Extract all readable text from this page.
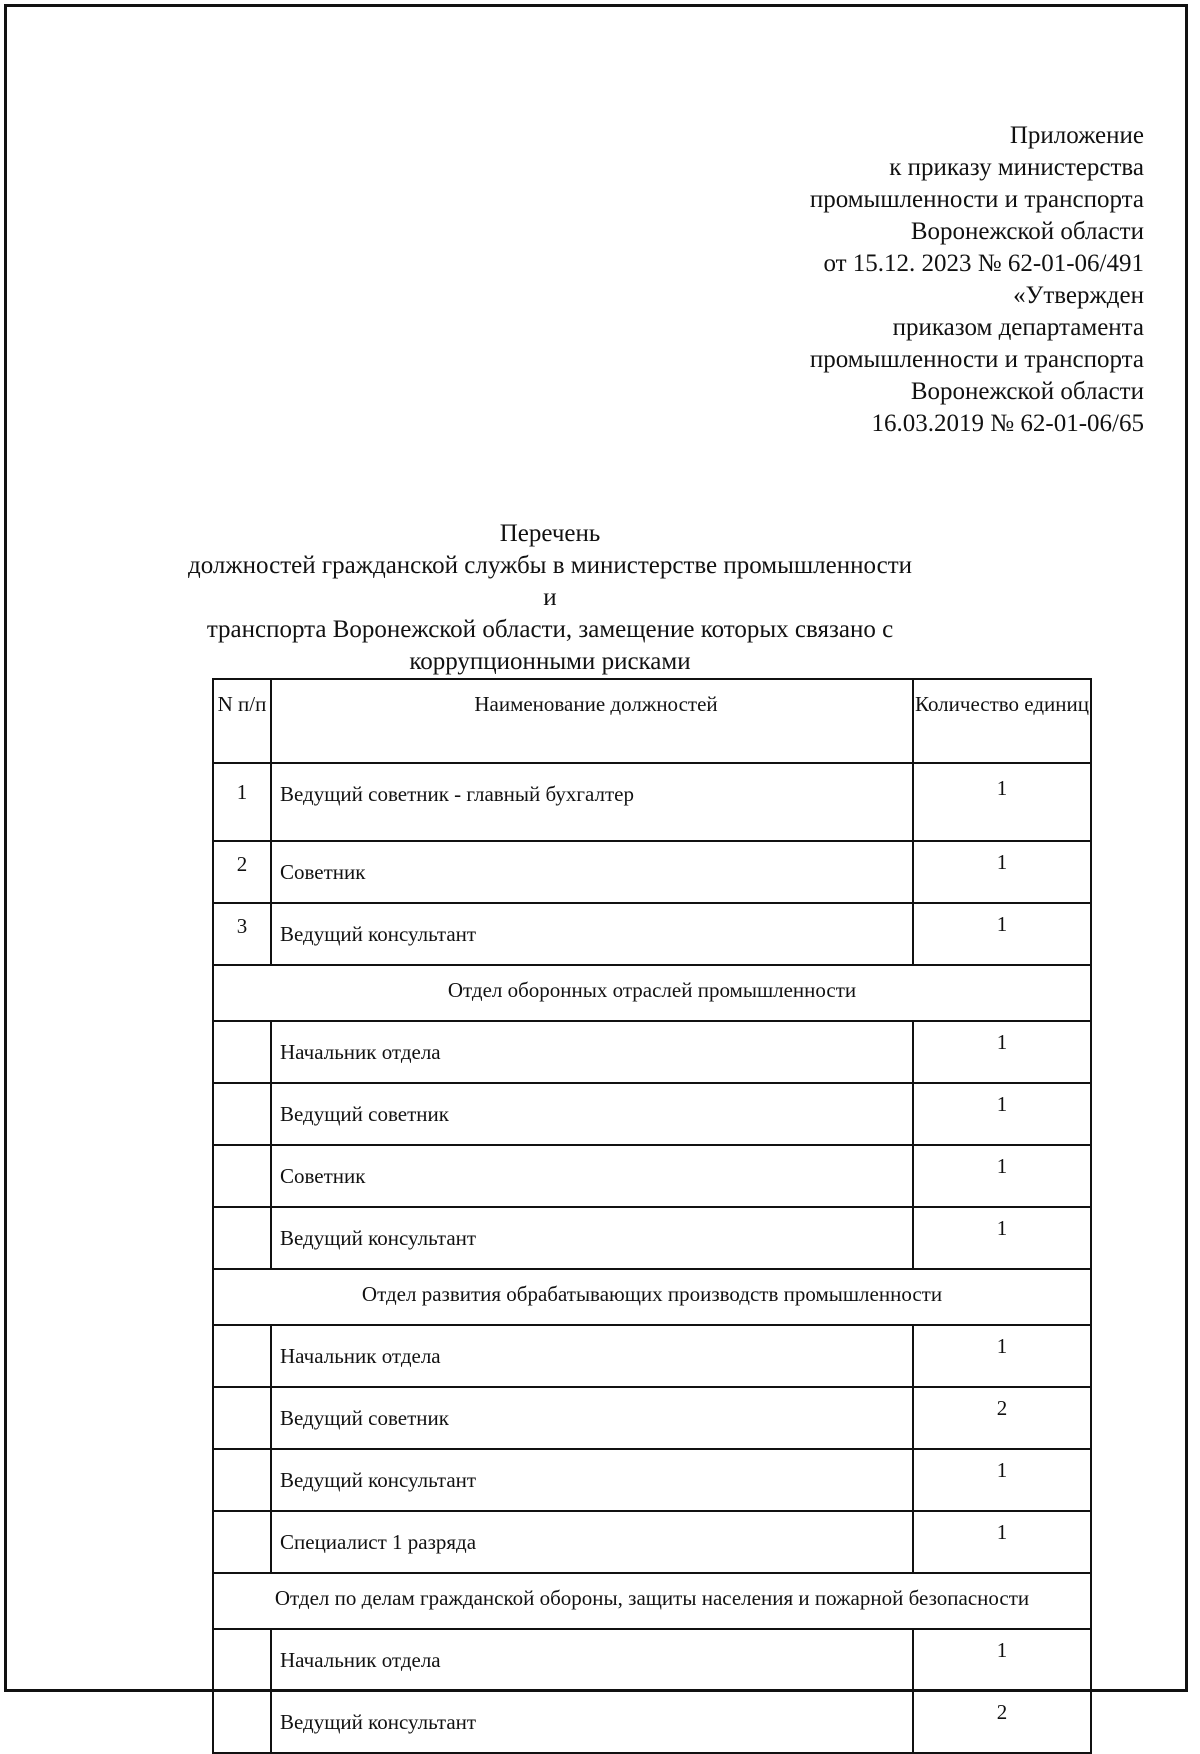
Приложение
к приказу министерства
промышленности и транспорта
Воронежской области
от 15.12. 2023 № 62-01-06/491
«Утвержден
приказом департамента
промышленности и транспорта
Воронежской области
16.03.2019 № 62-01-06/65
Перечень
должностей гражданской службы в министерстве промышленности и
транспорта Воронежской области, замещение которых связано с
коррупционными рисками
N п/п	Наименование должностей	Количество единиц
1	Ведущий советник - главный бухгалтер	1
2	Советник	1
3	Ведущий консультант	1
Отдел оборонных отраслей промышленности		
	Начальник отдела	1
	Ведущий советник	1
	Советник	1
	Ведущий консультант	1
Отдел развития обрабатывающих производств промышленности		
	Начальник отдела	1
	Ведущий советник	2
	Ведущий консультант	1
	Специалист 1 разряда	1
Отдел по делам гражданской обороны, защиты населения и пожарной безопасности		
	Начальник отдела	1
	Ведущий консультант	2
